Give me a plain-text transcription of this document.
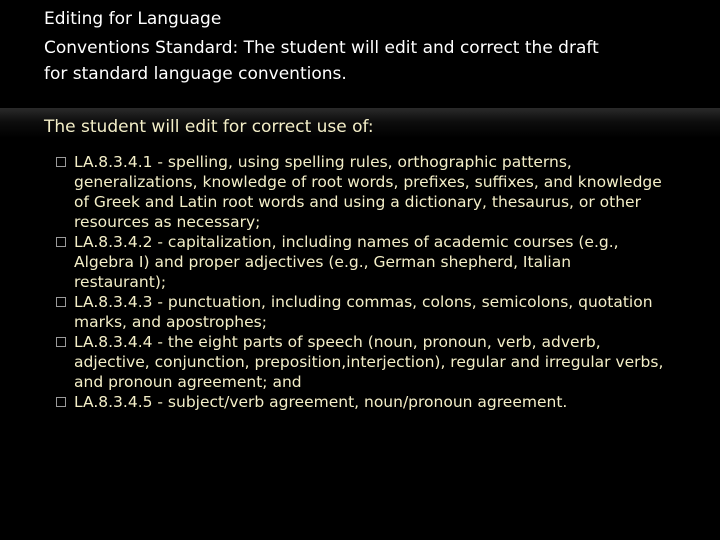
Editing for Language
Conventions Standard: The student will edit and correct the draft
for standard language conventions.
The student will edit for correct use of:
LA.8.3.4.1 - spelling, using spelling rules, orthographic patterns, generalizations, knowledge of root words, prefixes, suffixes, and knowledge of Greek and Latin root words and using a dictionary, thesaurus, or other resources as necessary;
LA.8.3.4.2 - capitalization, including names of academic courses (e.g., Algebra I) and proper adjectives (e.g., German shepherd, Italian restaurant);
LA.8.3.4.3 - punctuation, including commas, colons, semicolons, quotation marks, and apostrophes;
LA.8.3.4.4 - the eight parts of speech (noun, pronoun, verb, adverb, adjective, conjunction, preposition,interjection), regular and irregular verbs, and pronoun agreement; and
LA.8.3.4.5 - subject/verb agreement, noun/pronoun agreement.
